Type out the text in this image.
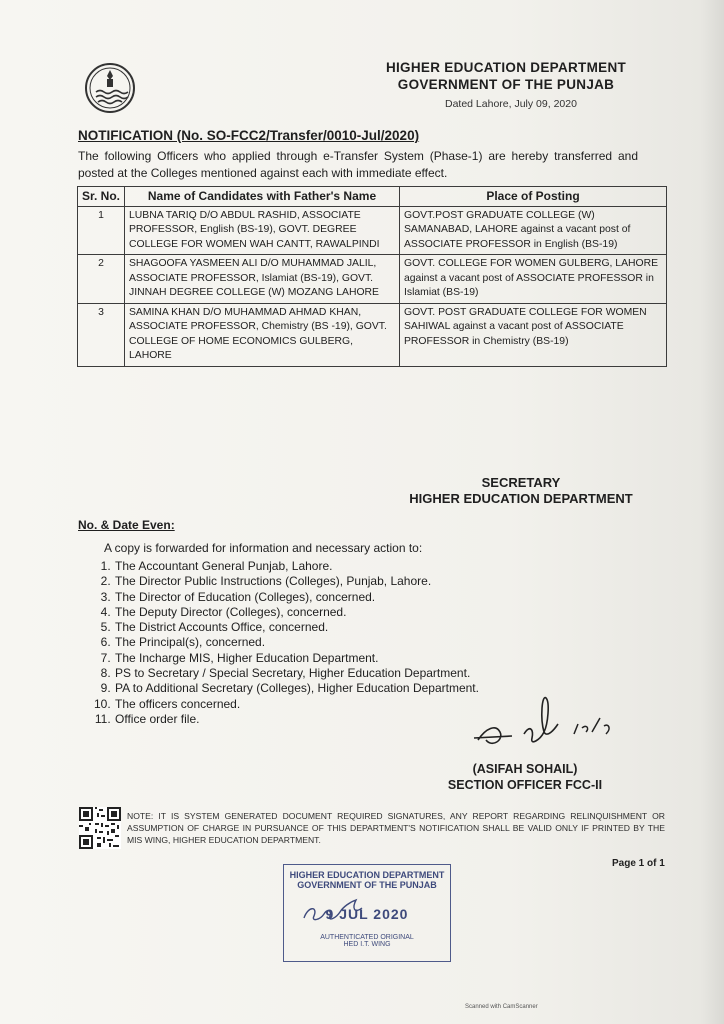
HIGHER EDUCATION DEPARTMENT
GOVERNMENT OF THE PUNJAB
Dated Lahore, July 09, 2020
NOTIFICATION (No. SO-FCC2/Transfer/0010-Jul/2020)
The following Officers who applied through e-Transfer System (Phase-1) are hereby transferred and posted at the Colleges mentioned against each with immediate effect.
Sr. No.	Name of Candidates with Father's Name	Place of Posting
1	LUBNA TARIQ D/O ABDUL RASHID, ASSOCIATE PROFESSOR, English (BS-19), GOVT. DEGREE COLLEGE FOR WOMEN WAH CANTT, RAWALPINDI	GOVT.POST GRADUATE COLLEGE (W) SAMANABAD, LAHORE against a vacant post of ASSOCIATE PROFESSOR in English (BS-19)
2	SHAGOOFA YASMEEN ALI D/O MUHAMMAD JALIL, ASSOCIATE PROFESSOR, Islamiat (BS-19), GOVT. JINNAH DEGREE COLLEGE (W) MOZANG LAHORE	GOVT. COLLEGE FOR WOMEN GULBERG, LAHORE against a vacant post of ASSOCIATE PROFESSOR in Islamiat (BS-19)
3	SAMINA KHAN D/O MUHAMMAD AHMAD KHAN, ASSOCIATE PROFESSOR, Chemistry (BS -19), GOVT. COLLEGE OF HOME ECONOMICS GULBERG, LAHORE	GOVT. POST GRADUATE COLLEGE FOR WOMEN SAHIWAL against a vacant post of ASSOCIATE PROFESSOR in Chemistry (BS-19)
SECRETARY
HIGHER EDUCATION DEPARTMENT
No. & Date Even:
A copy is forwarded for information and necessary action to:
1. The Accountant General Punjab, Lahore.
2. The Director Public Instructions (Colleges), Punjab, Lahore.
3. The Director of Education (Colleges), concerned.
4. The Deputy Director (Colleges), concerned.
5. The District Accounts Office, concerned.
6. The Principal(s), concerned.
7. The Incharge MIS, Higher Education Department.
8. PS to Secretary / Special Secretary, Higher Education Department.
9. PA to Additional Secretary (Colleges), Higher Education Department.
10. The officers concerned.
11. Office order file.
(ASIFAH SOHAIL)
SECTION OFFICER FCC-II
NOTE: IT IS SYSTEM GENERATED DOCUMENT REQUIRED SIGNATURES, ANY REPORT REGARDING RELINQUISHMENT OR ASSUMPTION OF CHARGE IN PURSUANCE OF THIS DEPARTMENT'S NOTIFICATION SHALL BE VALID ONLY IF PRINTED BY THE MIS WING, HIGHER EDUCATION DEPARTMENT.
Page 1 of 1
HIGHER EDUCATION DEPARTMENT
GOVERNMENT OF THE PUNJAB
9 JUL 2020
AUTHENTICATED ORIGINAL
HED I.T. WING
Scanned with CamScanner
